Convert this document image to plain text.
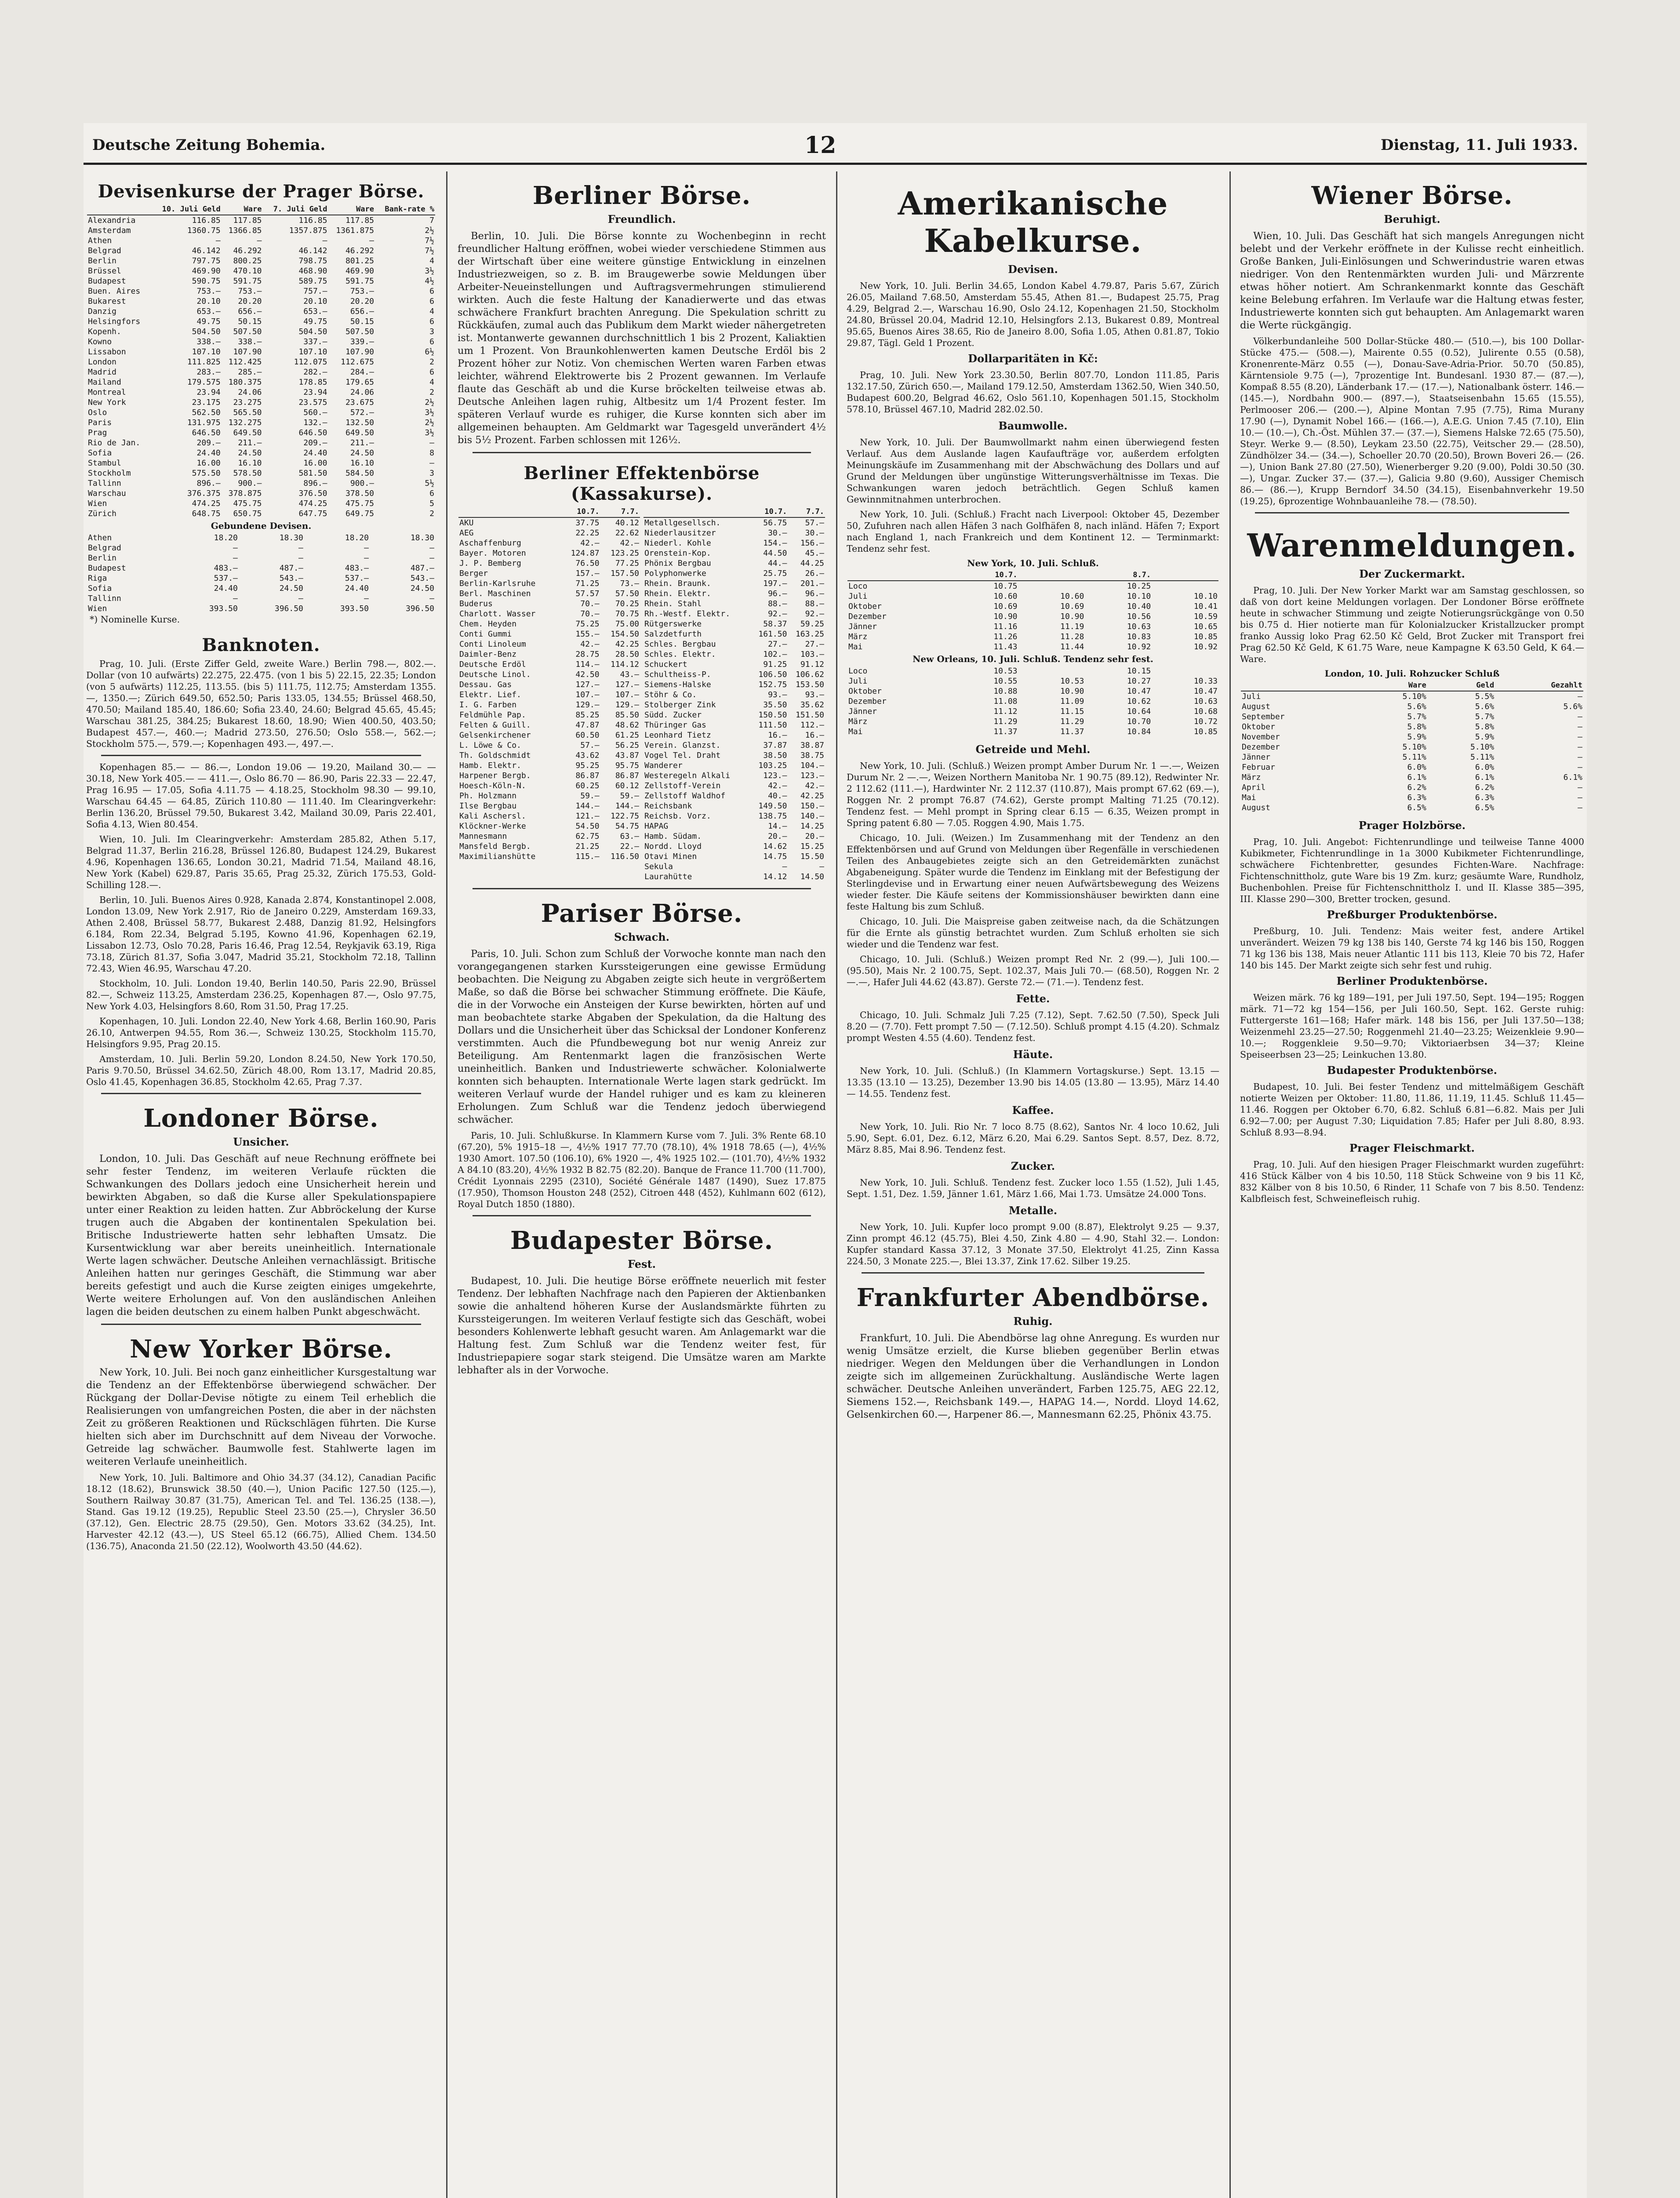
Deutsche Zeitung Bohemia.	12	Dienstag, 11. Juli 1933.
Devisenkurse der Prager Börse.
	10. Juli Geld	Ware	7. Juli Geld	Ware	Bank-rate %
Alexandria	116.85	117.85	116.85	117.85	7
Amsterdam	1360.75	1366.85	1357.875	1361.875	2½
Athen	—	—	—	—	7½
Belgrad	46.142	46.292	46.142	46.292	7½
Berlin	797.75	800.25	798.75	801.25	4
Brüssel	469.90	470.10	468.90	469.90	3½
Budapest	590.75	591.75	589.75	591.75	4½
Buen. Aires	753.—	753.—	757.—	753.—	6
Bukarest	20.10	20.20	20.10	20.20	6
Danzig	653.—	656.—	653.—	656.—	4
Helsingfors	49.75	50.15	49.75	50.15	6
Kopenh.	504.50	507.50	504.50	507.50	3
Kowno	338.—	338.—	337.—	339.—	6
Lissabon	107.10	107.90	107.10	107.90	6½
London	111.825	112.425	112.075	112.675	2
Madrid	283.—	285.—	282.—	284.—	6
Mailand	179.575	180.375	178.85	179.65	4
Montreal	23.94	24.06	23.94	24.06	2
New York	23.175	23.275	23.575	23.675	2½
Oslo	562.50	565.50	560.—	572.—	3½
Paris	131.975	132.275	132.—	132.50	2½
Prag	646.50	649.50	646.50	649.50	3½
Rio de Jan.	209.—	211.—	209.—	211.—	—
Sofia	24.40	24.50	24.40	24.50	8
Stambul	16.00	16.10	16.00	16.10	—
Stockholm	575.50	578.50	581.50	584.50	3
Tallinn	896.—	900.—	896.—	900.—	5½
Warschau	376.375	378.875	376.50	378.50	6
Wien	474.25	475.75	474.25	475.75	5
Zürich	648.75	650.75	647.75	649.75	2
Gebundene Devisen.
Athen	18.20	18.30	18.20	18.30
Belgrad	—	—	—	—
Berlin	—	—	—	—
Budapest	483.—	487.—	483.—	487.—
Riga	537.—	543.—	537.—	543.—
Sofia	24.40	24.50	24.40	24.50
Tallinn	—	—	—	—
Wien	393.50	396.50	393.50	396.50
*) Nominelle Kurse.
Banknoten.
Prag, 10. Juli. (Erste Ziffer Geld, zweite Ware.) Berlin 798.—, 802.—. Dollar (von 10 aufwärts) 22.275, 22.475. (von 1 bis 5) 22.15, 22.35; London (von 5 aufwärts) 112.25, 113.55. (bis 5) 111.75, 112.75; Amsterdam 1355.—, 1350.—; Zürich 649.50, 652.50; Paris 133.05, 134.55; Brüssel 468.50, 470.50; Mailand 185.40, 186.60; Sofia 23.40, 24.60; Belgrad 45.65, 45.45; Warschau 381.25, 384.25; Bukarest 18.60, 18.90; Wien 400.50, 403.50; Budapest 457.—, 460.—; Madrid 273.50, 276.50; Oslo 558.—, 562.—; Stockholm 575.—, 579.—; Kopenhagen 493.—, 497.—.
Kopenhagen 85.— — 86.—, London 19.06 — 19.20, Mailand 30.— — 30.18, New York 405.— — 411.—, Oslo 86.70 — 86.90, Paris 22.33 — 22.47, Prag 16.95 — 17.05, Sofia 4.11.75 — 4.18.25, Stockholm 98.30 — 99.10, Warschau 64.45 — 64.85, Zürich 110.80 — 111.40. Im Clearingverkehr: Berlin 136.20, Brüssel 79.50, Bukarest 3.42, Mailand 30.09, Paris 22.401, Sofia 4.13, Wien 80.454.
Wien, 10. Juli. Im Clearingverkehr: Amsterdam 285.82, Athen 5.17, Belgrad 11.37, Berlin 216.28, Brüssel 126.80, Budapest 124.29, Bukarest 4.96, Kopenhagen 136.65, London 30.21, Madrid 71.54, Mailand 48.16, New York (Kabel) 629.87, Paris 35.65, Prag 25.32, Zürich 175.53, Gold-Schilling 128.—.
Berlin, 10. Juli. Buenos Aires 0.928, Kanada 2.874, Konstantinopel 2.008, London 13.09, New York 2.917, Rio de Janeiro 0.229, Amsterdam 169.33, Athen 2.408, Brüssel 58.77, Bukarest 2.488, Danzig 81.92, Helsingfors 6.184, Rom 22.34, Belgrad 5.195, Kowno 41.96, Kopenhagen 62.19, Lissabon 12.73, Oslo 70.28, Paris 16.46, Prag 12.54, Reykjavik 63.19, Riga 73.18, Zürich 81.37, Sofia 3.047, Madrid 35.21, Stockholm 72.18, Tallinn 72.43, Wien 46.95, Warschau 47.20.
Stockholm, 10. Juli. London 19.40, Berlin 140.50, Paris 22.90, Brüssel 82.—, Schweiz 113.25, Amsterdam 236.25, Kopenhagen 87.—, Oslo 97.75, New York 4.03, Helsingfors 8.60, Rom 31.50, Prag 17.25.
Kopenhagen, 10. Juli. London 22.40, New York 4.68, Berlin 160.90, Paris 26.10, Antwerpen 94.55, Rom 36.—, Schweiz 130.25, Stockholm 115.70, Helsingfors 9.95, Prag 20.15.
Amsterdam, 10. Juli. Berlin 59.20, London 8.24.50, New York 170.50, Paris 9.70.50, Brüssel 34.62.50, Zürich 48.00, Rom 13.17, Madrid 20.85, Oslo 41.45, Kopenhagen 36.85, Stockholm 42.65, Prag 7.37.
Londoner Börse.
Unsicher.
London, 10. Juli. Das Geschäft auf neue Rechnung eröffnete bei sehr fester Tendenz, im weiteren Verlaufe rückten die Schwankungen des Dollars jedoch eine Unsicherheit herein und bewirkten Abgaben, so daß die Kurse aller Spekulationspapiere unter einer Reaktion zu leiden hatten. Zur Abbröckelung der Kurse trugen auch die Abgaben der kontinentalen Spekulation bei. Britische Industriewerte hatten sehr lebhaften Umsatz. Die Kursentwicklung war aber bereits uneinheitlich. Internationale Werte lagen schwächer. Deutsche Anleihen vernachlässigt. Britische Anleihen hatten nur geringes Geschäft, die Stimmung war aber bereits gefestigt und auch die Kurse zeigten einiges umgekehrte, Werte weitere Erholungen auf. Von den ausländischen Anleihen lagen die beiden deutschen zu einem halben Punkt abgeschwächt.
New Yorker Börse.
New York, 10. Juli. Bei noch ganz einheitlicher Kursgestaltung war die Tendenz an der Effektenbörse überwiegend schwächer. Der Rückgang der Dollar-Devise nötigte zu einem Teil erheblich die Realisierungen von umfangreichen Posten, die aber in der nächsten Zeit zu größeren Reaktionen und Rückschlägen führten. Die Kurse hielten sich aber im Durchschnitt auf dem Niveau der Vorwoche. Getreide lag schwächer. Baumwolle fest. Stahlwerte lagen im weiteren Verlaufe uneinheitlich.
New York, 10. Juli. Baltimore and Ohio 34.37 (34.12), Canadian Pacific 18.12 (18.62), Brunswick 38.50 (40.—), Union Pacific 127.50 (125.—), Southern Railway 30.87 (31.75), American Tel. and Tel. 136.25 (138.—), Stand. Gas 19.12 (19.25), Republic Steel 23.50 (25.—), Chrysler 36.50 (37.12), Gen. Electric 28.75 (29.50), Gen. Motors 33.62 (34.25), Int. Harvester 42.12 (43.—), US Steel 65.12 (66.75), Allied Chem. 134.50 (136.75), Anaconda 21.50 (22.12), Woolworth 43.50 (44.62).
Berliner Börse.
Freundlich.
Berlin, 10. Juli. Die Börse konnte zu Wochenbeginn in recht freundlicher Haltung eröffnen, wobei wieder verschiedene Stimmen aus der Wirtschaft über eine weitere günstige Entwicklung in einzelnen Industriezweigen, so z. B. im Braugewerbe sowie Meldungen über Arbeiter-Neueinstellungen und Auftragsvermehrungen stimulierend wirkten. Auch die feste Haltung der Kanadierwerte und das etwas schwächere Frankfurt brachten Anregung. Die Spekulation schritt zu Rückkäufen, zumal auch das Publikum dem Markt wieder nähergetreten ist. Montanwerte gewannen durchschnittlich 1 bis 2 Prozent, Kaliaktien um 1 Prozent. Von Braunkohlenwerten kamen Deutsche Erdöl bis 2 Prozent höher zur Notiz. Von chemischen Werten waren Farben etwas leichter, während Elektrowerte bis 2 Prozent gewannen. Im Verlaufe flaute das Geschäft ab und die Kurse bröckelten teilweise etwas ab. Deutsche Anleihen lagen ruhig, Altbesitz um 1/4 Prozent fester. Im späteren Verlauf wurde es ruhiger, die Kurse konnten sich aber im allgemeinen behaupten. Am Geldmarkt war Tagesgeld unverändert 4½ bis 5½ Prozent. Farben schlossen mit 126½.
Berliner Effektenbörse (Kassakurse).
	10.7.	7.7.
AKU	37.75	40.12
AEG	22.25	22.62
Aschaffenburg	42.—	42.—
Bayer. Motoren	124.87	123.25
J. P. Bemberg	76.50	77.25
Berger	157.—	157.50
Berlin-Karlsruhe	71.25	73.—
Berl. Maschinen	57.57	57.50
Buderus	70.—	70.25
Charlott. Wasser	70.—	70.75
Chem. Heyden	75.25	75.00
Conti Gummi	155.—	154.50
Conti Linoleum	42.—	42.25
Daimler-Benz	28.75	28.50
Deutsche Erdöl	114.—	114.12
Deutsche Linol.	42.50	43.—
Dessau. Gas	127.—	127.—
Elektr. Lief.	107.—	107.—
I. G. Farben	129.—	129.—
Feldmühle Pap.	85.25	85.50
Felten & Guill.	47.87	48.62
Gelsenkirchener	60.50	61.25
L. Löwe & Co.	57.—	56.25
Th. Goldschmidt	43.62	43.87
Hamb. Elektr.	95.25	95.75
Harpener Bergb.	86.87	86.87
Hoesch-Köln-N.	60.25	60.12
Ph. Holzmann	59.—	59.—
Ilse Bergbau	144.—	144.—
Kali Aschersl.	121.—	122.75
Klöckner-Werke	54.50	54.75
Mannesmann	62.75	63.—
Mansfeld Bergb.	21.25	22.—
Maximilianshütte	115.—	116.50
	10.7.	7.7.
Metallgesellsch.	56.75	57.—
Niederlausitzer	30.—	30.—
Niederl. Kohle	154.—	156.—
Orenstein-Kop.	44.50	45.—
Phönix Bergbau	44.—	44.25
Polyphonwerke	25.75	26.—
Rhein. Braunk.	197.—	201.—
Rhein. Elektr.	96.—	96.—
Rhein. Stahl	88.—	88.—
Rh.-Westf. Elektr.	92.—	92.—
Rütgerswerke	58.37	59.25
Salzdetfurth	161.50	163.25
Schles. Bergbau	27.—	27.—
Schles. Elektr.	102.—	103.—
Schuckert	91.25	91.12
Schultheiss-P.	106.50	106.62
Siemens-Halske	152.75	153.50
Stöhr & Co.	93.—	93.—
Stolberger Zink	35.50	35.62
Südd. Zucker	150.50	151.50
Thüringer Gas	111.50	112.—
Leonhard Tietz	16.—	16.—
Verein. Glanzst.	37.87	38.87
Vogel Tel. Draht	38.50	38.75
Wanderer	103.25	104.—
Westeregeln Alkali	123.—	123.—
Zellstoff-Verein	42.—	42.—
Zellstoff Waldhof	40.—	42.25
Reichsbank	149.50	150.—
Reichsb. Vorz.	138.75	140.—
HAPAG	14.—	14.25
Hamb. Südam.	20.—	20.—
Nordd. Lloyd	14.62	15.25
Otavi Minen	14.75	15.50
Sekula	—	—
Laurahütte	14.12	14.50
Pariser Börse.
Schwach.
Paris, 10. Juli. Schon zum Schluß der Vorwoche konnte man nach den vorangegangenen starken Kurssteigerungen eine gewisse Ermüdung beobachten. Die Neigung zu Abgaben zeigte sich heute in vergrößertem Maße, so daß die Börse bei schwacher Stimmung eröffnete. Die Käufe, die in der Vorwoche ein Ansteigen der Kurse bewirkten, hörten auf und man beobachtete starke Abgaben der Spekulation, da die Haltung des Dollars und die Unsicherheit über das Schicksal der Londoner Konferenz verstimmten. Auch die Pfundbewegung bot nur wenig Anreiz zur Beteiligung. Am Rentenmarkt lagen die französischen Werte uneinheitlich. Banken und Industriewerte schwächer. Kolonialwerte konnten sich behaupten. Internationale Werte lagen stark gedrückt. Im weiteren Verlauf wurde der Handel ruhiger und es kam zu kleineren Erholungen. Zum Schluß war die Tendenz jedoch überwiegend schwächer.
Paris, 10. Juli. Schlußkurse. In Klammern Kurse vom 7. Juli. 3% Rente 68.10 (67.20), 5% 1915–18 —, 4½% 1917 77.70 (78.10), 4% 1918 78.65 (—), 4½% 1930 Amort. 107.50 (106.10), 6% 1920 —, 4% 1925 102.— (101.70), 4½% 1932 A 84.10 (83.20), 4½% 1932 B 82.75 (82.20). Banque de France 11.700 (11.700), Crédit Lyonnais 2295 (2310), Société Générale 1487 (1490), Suez 17.875 (17.950), Thomson Houston 248 (252), Citroen 448 (452), Kuhlmann 602 (612), Royal Dutch 1850 (1880).
Budapester Börse.
Fest.
Budapest, 10. Juli. Die heutige Börse eröffnete neuerlich mit fester Tendenz. Der lebhaften Nachfrage nach den Papieren der Aktienbanken sowie die anhaltend höheren Kurse der Auslandsmärkte führten zu Kurssteigerungen. Im weiteren Verlauf festigte sich das Geschäft, wobei besonders Kohlenwerte lebhaft gesucht waren. Am Anlagemarkt war die Haltung fest. Zum Schluß war die Tendenz weiter fest, für Industriepapiere sogar stark steigend. Die Umsätze waren am Markte lebhafter als in der Vorwoche.
Amerikanische Kabelkurse.
Devisen.
New York, 10. Juli. Berlin 34.65, London Kabel 4.79.87, Paris 5.67, Zürich 26.05, Mailand 7.68.50, Amsterdam 55.45, Athen 81.—, Budapest 25.75, Prag 4.29, Belgrad 2.—, Warschau 16.90, Oslo 24.12, Kopenhagen 21.50, Stockholm 24.80, Brüssel 20.04, Madrid 12.10, Helsingfors 2.13, Bukarest 0.89, Montreal 95.65, Buenos Aires 38.65, Rio de Janeiro 8.00, Sofia 1.05, Athen 0.81.87, Tokio 29.87, Tägl. Geld 1 Prozent.
Dollarparitäten in Kč:
Prag, 10. Juli. New York 23.30.50, Berlin 807.70, London 111.85, Paris 132.17.50, Zürich 650.—, Mailand 179.12.50, Amsterdam 1362.50, Wien 340.50, Budapest 600.20, Belgrad 46.62, Oslo 561.10, Kopenhagen 501.15, Stockholm 578.10, Brüssel 467.10, Madrid 282.02.50.
Baumwolle.
New York, 10. Juli. Der Baumwollmarkt nahm einen überwiegend festen Verlauf. Aus dem Auslande lagen Kaufaufträge vor, außerdem erfolgten Meinungskäufe im Zusammenhang mit der Abschwächung des Dollars und auf Grund der Meldungen über ungünstige Witterungsverhältnisse im Texas. Die Schwankungen waren jedoch beträchtlich. Gegen Schluß kamen Gewinnmitnahmen unterbrochen.
New York, 10. Juli. (Schluß.) Fracht nach Liverpool: Oktober 45, Dezember 50, Zufuhren nach allen Häfen 3 nach Golfhäfen 8, nach inländ. Häfen 7; Export nach England 1, nach Frankreich und dem Kontinent 12. — Terminmarkt: Tendenz sehr fest.
New York, 10. Juli. Schluß.
	10.7.		8.7.	
Loco	10.75		10.25	
Juli	10.60	10.60	10.10	10.10
Oktober	10.69	10.69	10.40	10.41
Dezember	10.90	10.90	10.56	10.59
Jänner	11.16	11.19	10.63	10.65
März	11.26	11.28	10.83	10.85
Mai	11.43	11.44	10.92	10.92
New Orleans, 10. Juli. Schluß. Tendenz sehr fest.
Loco	10.53		10.15	
Juli	10.55	10.53	10.27	10.33
Oktober	10.88	10.90	10.47	10.47
Dezember	11.08	11.09	10.62	10.63
Jänner	11.12	11.15	10.64	10.68
März	11.29	11.29	10.70	10.72
Mai	11.37	11.37	10.84	10.85
Getreide und Mehl.
New York, 10. Juli. (Schluß.) Weizen prompt Amber Durum Nr. 1 —.—, Weizen Durum Nr. 2 —.—, Weizen Northern Manitoba Nr. 1 90.75 (89.12), Redwinter Nr. 2 112.62 (111.—), Hardwinter Nr. 2 112.37 (110.87), Mais prompt 67.62 (69.—), Roggen Nr. 2 prompt 76.87 (74.62), Gerste prompt Malting 71.25 (70.12). Tendenz fest. — Mehl prompt in Spring clear 6.15 — 6.35, Weizen prompt in Spring patent 6.80 — 7.05. Roggen 4.90, Mais 1.75.
Chicago, 10. Juli. (Weizen.) Im Zusammenhang mit der Tendenz an den Effektenbörsen und auf Grund von Meldungen über Regenfälle in verschiedenen Teilen des Anbaugebietes zeigte sich an den Getreidemärkten zunächst Abgabeneigung. Später wurde die Tendenz im Einklang mit der Befestigung der Sterlingdevise und in Erwartung einer neuen Aufwärtsbewegung des Weizens wieder fester. Die Käufe seitens der Kommissionshäuser bewirkten dann eine feste Haltung bis zum Schluß.
Chicago, 10. Juli. Die Maispreise gaben zeitweise nach, da die Schätzungen für die Ernte als günstig betrachtet wurden. Zum Schluß erholten sie sich wieder und die Tendenz war fest.
Chicago, 10. Juli. (Schluß.) Weizen prompt Red Nr. 2 (99.—), Juli 100.— (95.50), Mais Nr. 2 100.75, Sept. 102.37, Mais Juli 70.— (68.50), Roggen Nr. 2 —.—, Hafer Juli 44.62 (43.87). Gerste 72.— (71.—). Tendenz fest.
Fette.
Chicago, 10. Juli. Schmalz Juli 7.25 (7.12), Sept. 7.62.50 (7.50), Speck Juli 8.20 — (7.70). Fett prompt 7.50 — (7.12.50). Schluß prompt 4.15 (4.20). Schmalz prompt Westen 4.55 (4.60). Tendenz fest.
Häute.
New York, 10. Juli. (Schluß.) (In Klammern Vortagskurse.) Sept. 13.15 — 13.35 (13.10 — 13.25), Dezember 13.90 bis 14.05 (13.80 — 13.95), März 14.40 — 14.55. Tendenz fest.
Kaffee.
New York, 10. Juli. Rio Nr. 7 loco 8.75 (8.62), Santos Nr. 4 loco 10.62, Juli 5.90, Sept. 6.01, Dez. 6.12, März 6.20, Mai 6.29. Santos Sept. 8.57, Dez. 8.72, März 8.85, Mai 8.96. Tendenz fest.
Zucker.
New York, 10. Juli. Schluß. Tendenz fest. Zucker loco 1.55 (1.52), Juli 1.45, Sept. 1.51, Dez. 1.59, Jänner 1.61, März 1.66, Mai 1.73. Umsätze 24.000 Tons.
Metalle.
New York, 10. Juli. Kupfer loco prompt 9.00 (8.87), Elektrolyt 9.25 — 9.37, Zinn prompt 46.12 (45.75), Blei 4.50, Zink 4.80 — 4.90, Stahl 32.—. London: Kupfer standard Kassa 37.12, 3 Monate 37.50, Elektrolyt 41.25, Zinn Kassa 224.50, 3 Monate 225.—, Blei 13.37, Zink 17.62. Silber 19.25.
Frankfurter Abendbörse.
Ruhig.
Frankfurt, 10. Juli. Die Abendbörse lag ohne Anregung. Es wurden nur wenig Umsätze erzielt, die Kurse blieben gegenüber Berlin etwas niedriger. Wegen den Meldungen über die Verhandlungen in London zeigte sich im allgemeinen Zurückhaltung. Ausländische Werte lagen schwächer. Deutsche Anleihen unverändert, Farben 125.75, AEG 22.12, Siemens 152.—, Reichsbank 149.—, HAPAG 14.—, Nordd. Lloyd 14.62, Gelsenkirchen 60.—, Harpener 86.—, Mannesmann 62.25, Phönix 43.75.
Wiener Börse.
Beruhigt.
Wien, 10. Juli. Das Geschäft hat sich mangels Anregungen nicht belebt und der Verkehr eröffnete in der Kulisse recht einheitlich. Große Banken, Juli-Einlösungen und Schwerindustrie waren etwas niedriger. Von den Rentenmärkten wurden Juli- und Märzrente etwas höher notiert. Am Schrankenmarkt konnte das Geschäft keine Belebung erfahren. Im Verlaufe war die Haltung etwas fester, Industriewerte konnten sich gut behaupten. Am Anlagemarkt waren die Werte rückgängig.
Völkerbundanleihe 500 Dollar-Stücke 480.— (510.—), bis 100 Dollar-Stücke 475.— (508.—), Mairente 0.55 (0.52), Julirente 0.55 (0.58), Kronenrente-März 0.55 (—), Donau-Save-Adria-Prior. 50.70 (50.85), Kärntensiole 9.75 (—), 7prozentige Int. Bundesanl. 1930 87.— (87.—), Kompaß 8.55 (8.20), Länderbank 17.— (17.—), Nationalbank österr. 146.— (145.—), Nordbahn 900.— (897.—), Staatseisenbahn 15.65 (15.55), Perlmooser 206.— (200.—), Alpine Montan 7.95 (7.75), Rima Murany 17.90 (—), Dynamit Nobel 166.— (166.—), A.E.G. Union 7.45 (7.10), Elin 10.— (10.—), Ch.-Öst. Mühlen 37.— (37.—), Siemens Halske 72.65 (75.50), Steyr. Werke 9.— (8.50), Leykam 23.50 (22.75), Veitscher 29.— (28.50), Zündhölzer 34.— (34.—), Schoeller 20.70 (20.50), Brown Boveri 26.— (26.—), Union Bank 27.80 (27.50), Wienerberger 9.20 (9.00), Poldi 30.50 (30.—), Ungar. Zucker 37.— (37.—), Galicia 9.80 (9.60), Aussiger Chemisch 86.— (86.—), Krupp Berndorf 34.50 (34.15), Eisenbahnverkehr 19.50 (19.25), 6prozentige Wohnbauanleihe 78.— (78.50).
Warenmeldungen.
Der Zuckermarkt.
Prag, 10. Juli. Der New Yorker Markt war am Samstag geschlossen, so daß von dort keine Meldungen vorlagen. Der Londoner Börse eröffnete heute in schwacher Stimmung und zeigte Notierungsrückgänge von 0.50 bis 0.75 d. Hier notierte man für Kolonialzucker Kristallzucker prompt franko Aussig loko Prag 62.50 Kč Geld, Brot Zucker mit Transport frei Prag 62.50 Kč Geld, K 61.75 Ware, neue Kampagne K 63.50 Geld, K 64.— Ware.
London, 10. Juli. Rohzucker Schluß
	Ware	Geld	Gezahlt
Juli	5.10%	5.5%	—
August	5.6%	5.6%	5.6%
September	5.7%	5.7%	—
Oktober	5.8%	5.8%	—
November	5.9%	5.9%	—
Dezember	5.10%	5.10%	—
Jänner	5.11%	5.11%	—
Februar	6.0%	6.0%	—
März	6.1%	6.1%	6.1%
April	6.2%	6.2%	—
Mai	6.3%	6.3%	—
August	6.5%	6.5%	—
Prager Holzbörse.
Prag, 10. Juli. Angebot: Fichtenrundlinge und teilweise Tanne 4000 Kubikmeter, Fichtenrundlinge in 1a 3000 Kubikmeter Fichtenrundlinge, schwächere Fichtenbretter, gesundes Fichten-Ware. Nachfrage: Fichtenschnittholz, gute Ware bis 19 Zm. kurz; gesäumte Ware, Rundholz, Buchenbohlen. Preise für Fichtenschnittholz I. und II. Klasse 385—395, III. Klasse 290—300, Bretter trocken, gesund.
Preßburger Produktenbörse.
Preßburg, 10. Juli. Tendenz: Mais weiter fest, andere Artikel unverändert. Weizen 79 kg 138 bis 140, Gerste 74 kg 146 bis 150, Roggen 71 kg 136 bis 138, Mais neuer Atlantic 111 bis 113, Kleie 70 bis 72, Hafer 140 bis 145. Der Markt zeigte sich sehr fest und ruhig.
Berliner Produktenbörse.
Weizen märk. 76 kg 189—191, per Juli 197.50, Sept. 194—195; Roggen märk. 71—72 kg 154—156, per Juli 160.50, Sept. 162. Gerste ruhig: Futtergerste 161—168; Hafer märk. 148 bis 156, per Juli 137.50—138; Weizenmehl 23.25—27.50; Roggenmehl 21.40—23.25; Weizenkleie 9.90—10.—; Roggenkleie 9.50—9.70; Viktoriaerbsen 34—37; Kleine Speiseerbsen 23—25; Leinkuchen 13.80.
Budapester Produktenbörse.
Budapest, 10. Juli. Bei fester Tendenz und mittelmäßigem Geschäft notierte Weizen per Oktober: 11.80, 11.86, 11.19, 11.45. Schluß 11.45—11.46. Roggen per Oktober 6.70, 6.82. Schluß 6.81—6.82. Mais per Juli 6.92—7.00; per August 7.30; Liquidation 7.85; Hafer per Juli 8.80, 8.93. Schluß 8.93—8.94.
Prager Fleischmarkt.
Prag, 10. Juli. Auf den hiesigen Prager Fleischmarkt wurden zugeführt: 416 Stück Kälber von 4 bis 10.50, 118 Stück Schweine von 9 bis 11 Kč, 832 Kälber von 8 bis 10.50, 6 Rinder, 11 Schafe von 7 bis 8.50. Tendenz: Kalbfleisch fest, Schweinefleisch ruhig.
